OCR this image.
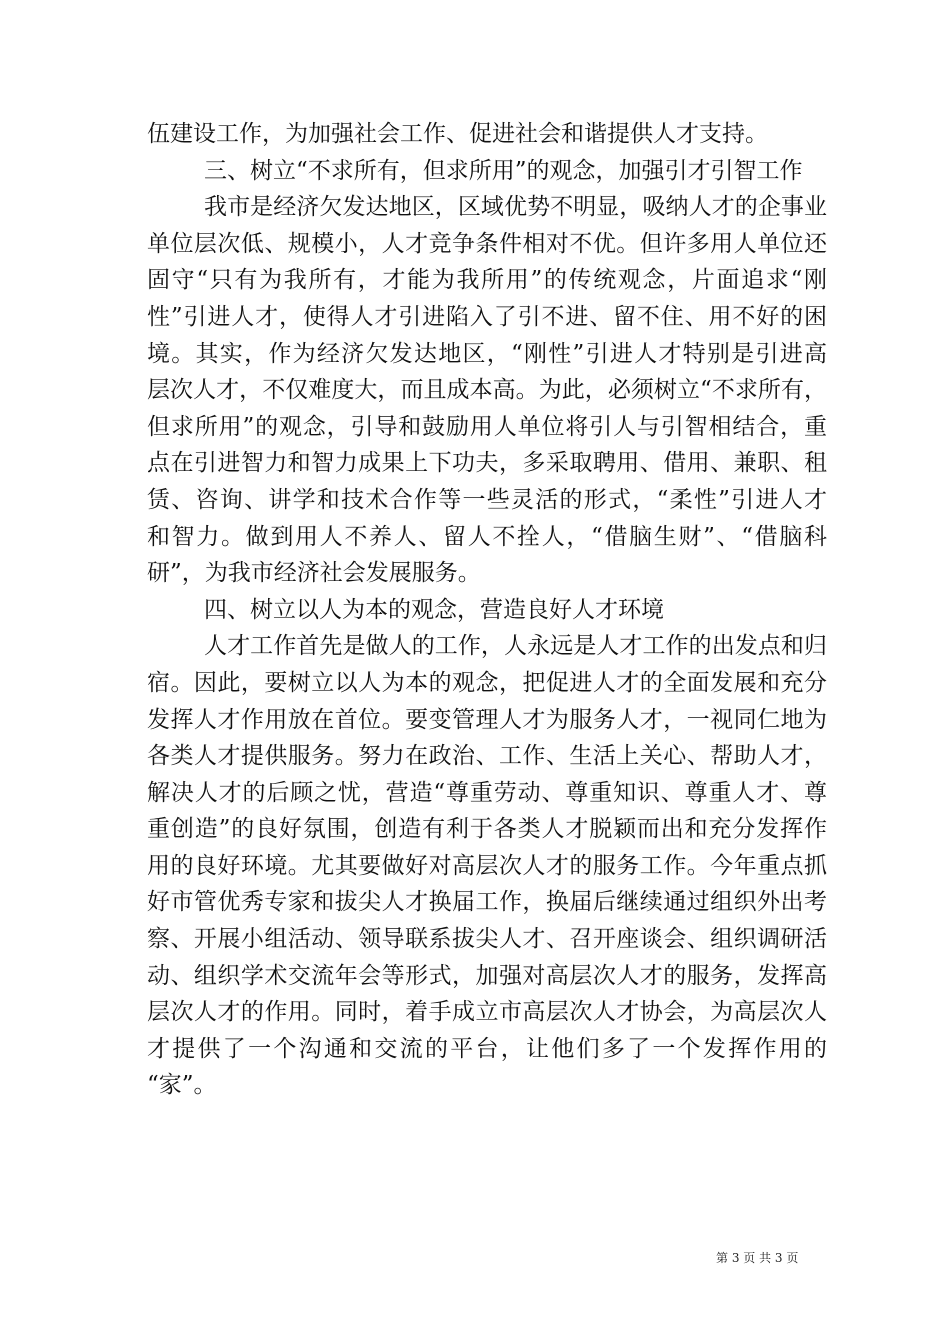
伍建设工作，为加强社会工作、促进社会和谐提供人才支持。
三、树立“不求所有，但求所用”的观念，加强引才引智工作
我市是经济欠发达地区，区域优势不明显，吸纳人才的企事业
单位层次低、规模小，人才竞争条件相对不优。但许多用人单位还
固守“只有为我所有，才能为我所用”的传统观念，片面追求“刚
性”引进人才，使得人才引进陷入了引不进、留不住、用不好的困
境。其实，作为经济欠发达地区，“刚性”引进人才特别是引进高
层次人才，不仅难度大，而且成本高。为此，必须树立“不求所有，
但求所用”的观念，引导和鼓励用人单位将引人与引智相结合，重
点在引进智力和智力成果上下功夫，多采取聘用、借用、兼职、租
赁、咨询、讲学和技术合作等一些灵活的形式，“柔性”引进人才
和智力。做到用人不养人、留人不拴人，“借脑生财”、“借脑科
研”，为我市经济社会发展服务。
四、树立以人为本的观念，营造良好人才环境
人才工作首先是做人的工作，人永远是人才工作的出发点和归
宿。因此，要树立以人为本的观念，把促进人才的全面发展和充分
发挥人才作用放在首位。要变管理人才为服务人才，一视同仁地为
各类人才提供服务。努力在政治、工作、生活上关心、帮助人才，
解决人才的后顾之忧，营造“尊重劳动、尊重知识、尊重人才、尊
重创造”的良好氛围，创造有利于各类人才脱颖而出和充分发挥作
用的良好环境。尤其要做好对高层次人才的服务工作。今年重点抓
好市管优秀专家和拔尖人才换届工作，换届后继续通过组织外出考
察、开展小组活动、领导联系拔尖人才、召开座谈会、组织调研活
动、组织学术交流年会等形式，加强对高层次人才的服务，发挥高
层次人才的作用。同时，着手成立市高层次人才协会，为高层次人
才提供了一个沟通和交流的平台，让他们多了一个发挥作用的
“家”。
第 3 页 共 3 页
